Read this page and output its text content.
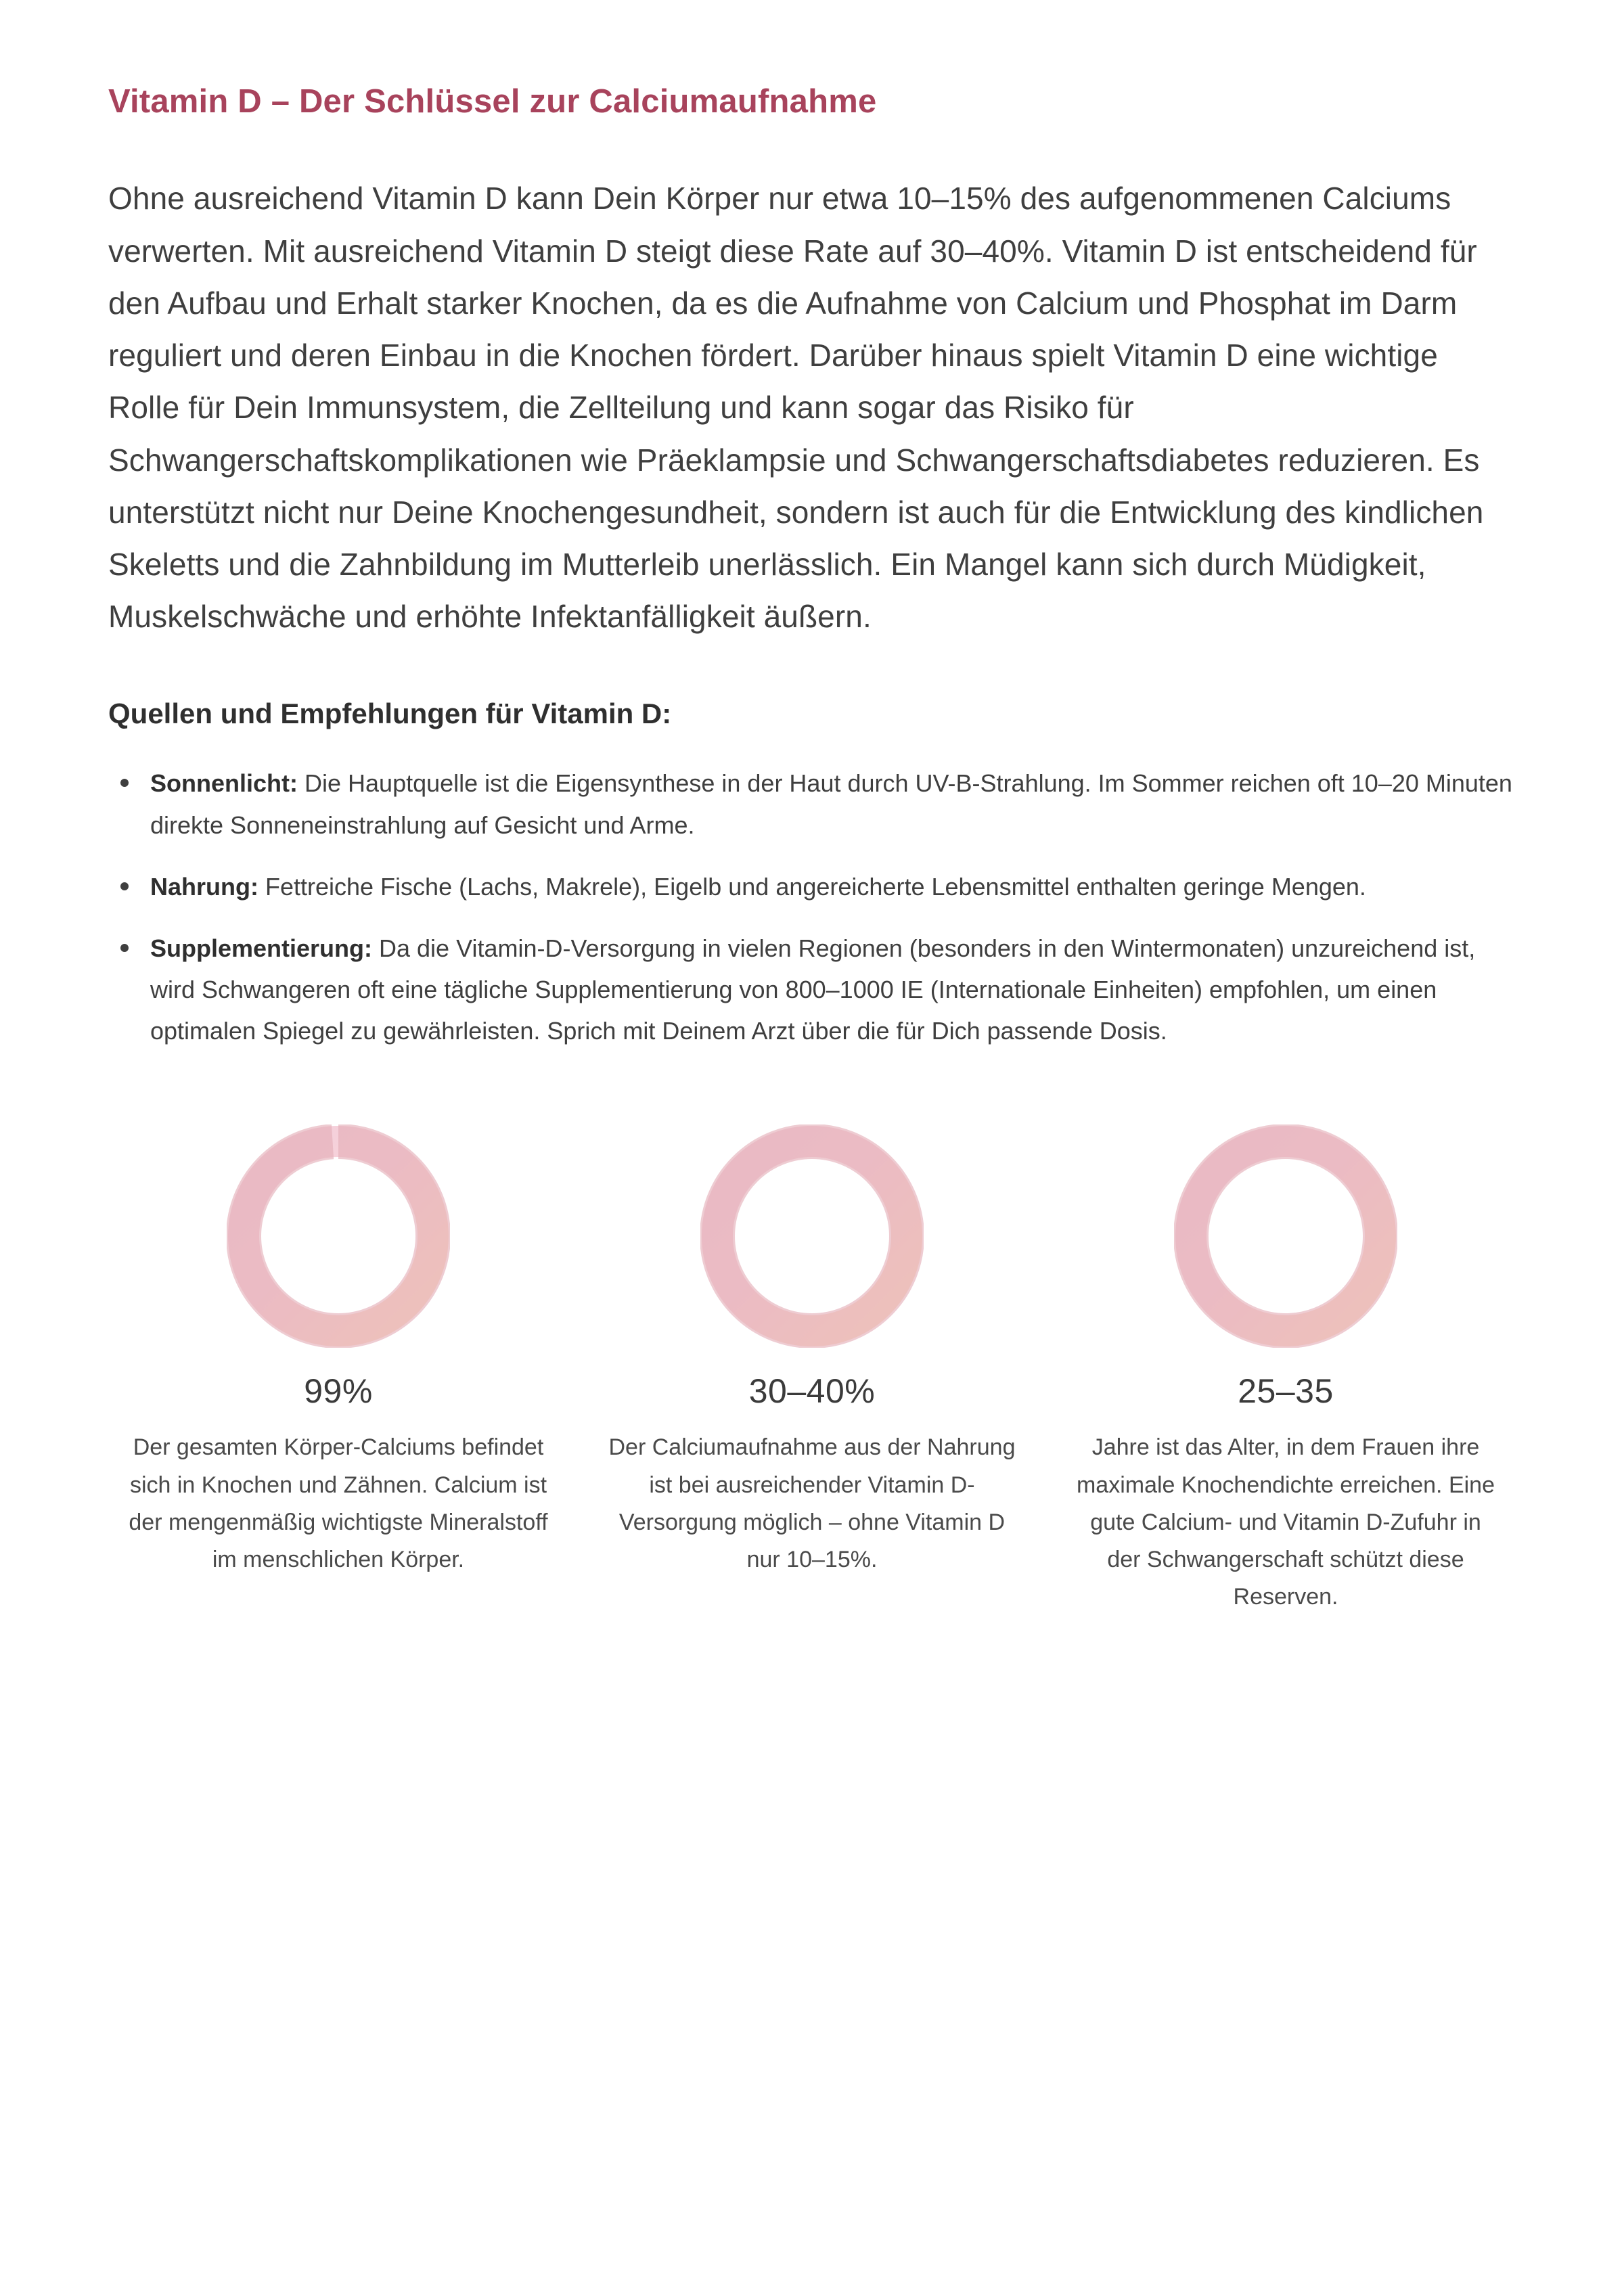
Vitamin D – Der Schlüssel zur Calciumaufnahme

Ohne ausreichend Vitamin D kann Dein Körper nur etwa 10–15% des aufgenommenen Calciums verwerten. Mit ausreichend Vitamin D steigt diese Rate auf 30–40%. Vitamin D ist entscheidend für den Aufbau und Erhalt starker Knochen, da es die Aufnahme von Calcium und Phosphat im Darm reguliert und deren Einbau in die Knochen fördert. Darüber hinaus spielt Vitamin D eine wichtige Rolle für Dein Immunsystem, die Zellteilung und kann sogar das Risiko für Schwangerschaftskomplikationen wie Präeklampsie und Schwangerschaftsdiabetes reduzieren. Es unterstützt nicht nur Deine Knochengesundheit, sondern ist auch für die Entwicklung des kindlichen Skeletts und die Zahnbildung im Mutterleib unerlässlich. Ein Mangel kann sich durch Müdigkeit, Muskelschwäche und erhöhte Infektanfälligkeit äußern.

Quellen und Empfehlungen für Vitamin D:
Sonnenlicht: Die Hauptquelle ist die Eigensynthese in der Haut durch UV-B-Strahlung. Im Sommer reichen oft 10–20 Minuten direkte Sonneneinstrahlung auf Gesicht und Arme.
Nahrung: Fettreiche Fische (Lachs, Makrele), Eigelb und angereicherte Lebensmittel enthalten geringe Mengen.
Supplementierung: Da die Vitamin-D-Versorgung in vielen Regionen (besonders in den Wintermonaten) unzureichend ist, wird Schwangeren oft eine tägliche Supplementierung von 800–1000 IE (Internationale Einheiten) empfohlen, um einen optimalen Spiegel zu gewährleisten. Sprich mit Deinem Arzt über die für Dich passende Dosis.
99%
Der gesamten Körper-Calciums befindet sich in Knochen und Zähnen. Calcium ist der mengenmäßig wichtigste Mineralstoff im menschlichen Körper.
30–40%
Der Calciumaufnahme aus der Nahrung ist bei ausreichender Vitamin D-Versorgung möglich – ohne Vitamin D nur 10–15%.
25–35
Jahre ist das Alter, in dem Frauen ihre maximale Knochendichte erreichen. Eine gute Calcium- und Vitamin D-Zufuhr in der Schwangerschaft schützt diese Reserven.
